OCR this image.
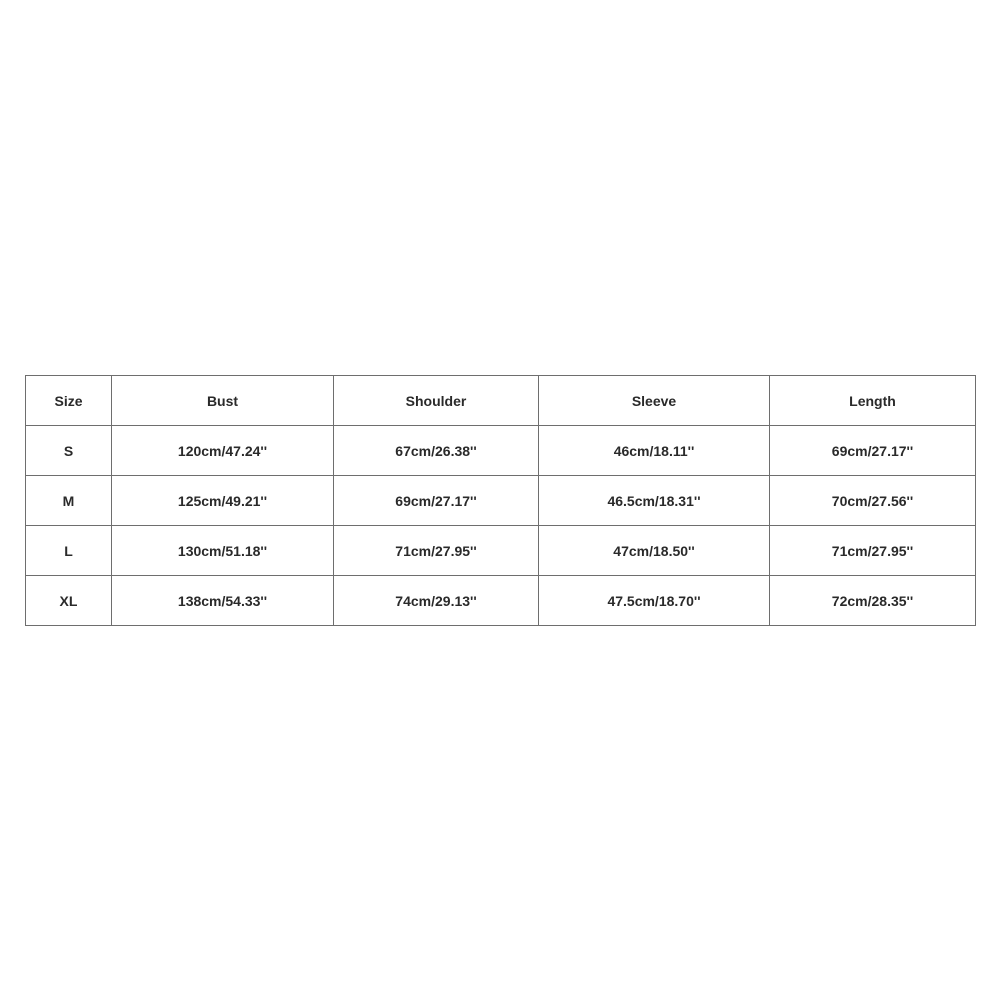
Size	Bust	Shoulder	Sleeve	Length
S	120cm/47.24''	67cm/26.38''	46cm/18.11''	69cm/27.17''
M	125cm/49.21''	69cm/27.17''	46.5cm/18.31''	70cm/27.56''
L	130cm/51.18''	71cm/27.95''	47cm/18.50''	71cm/27.95''
XL	138cm/54.33''	74cm/29.13''	47.5cm/18.70''	72cm/28.35''
